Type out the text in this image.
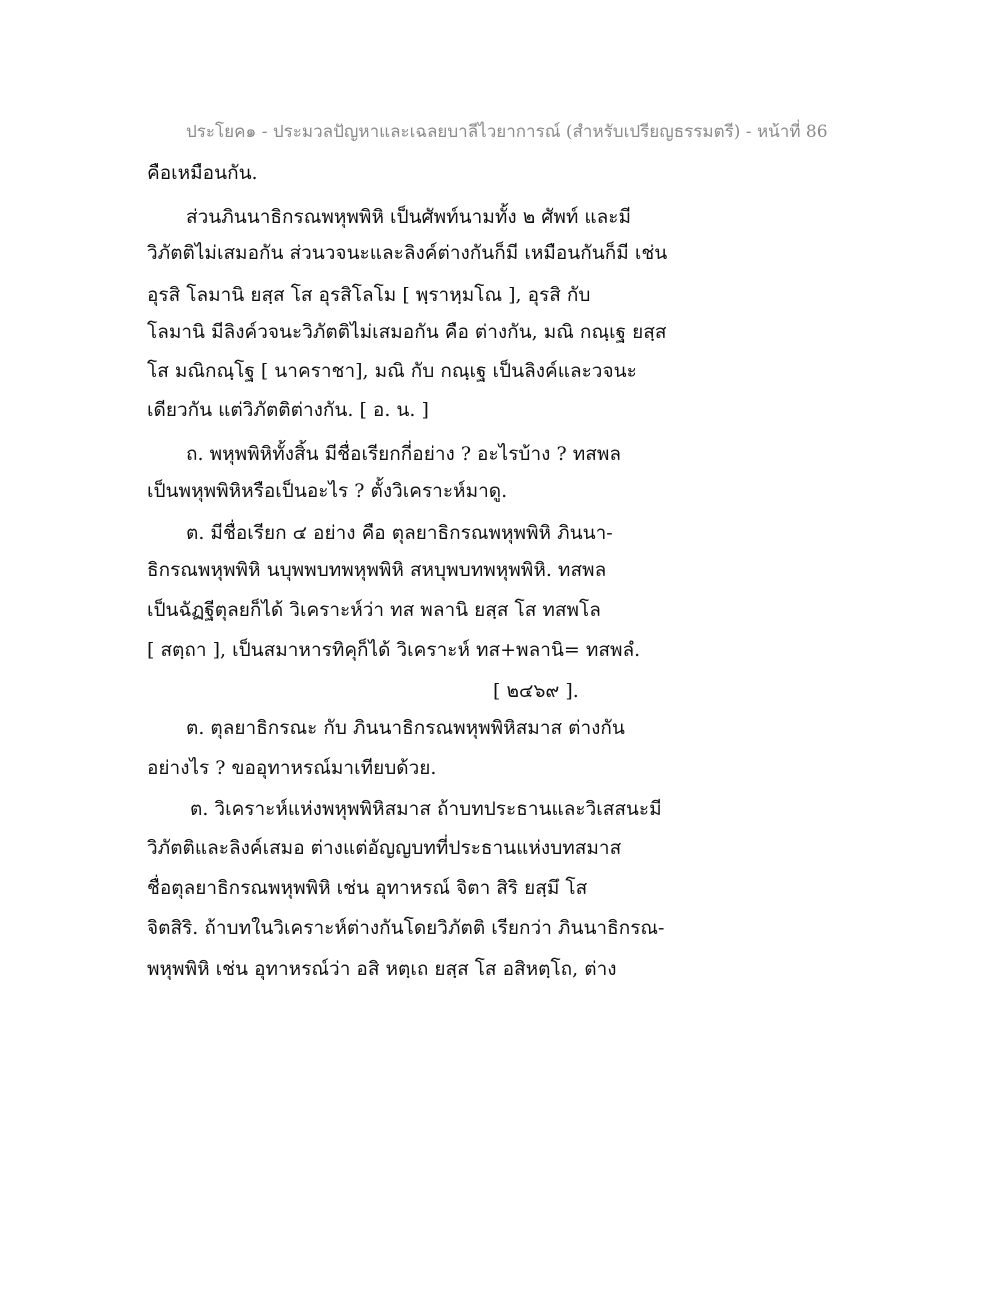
ประโยค๑ - ประมวลปัญหาและเฉลยบาลีไวยาการณ์ (สำหรับเปรียญธรรมตรี) - หน้าที่ 86
คือเหมือนกัน.
ส่วนภินนาธิกรณพหุพพิหิ เป็นศัพท์นามทั้ง ๒ ศัพท์ และมี
วิภัตติไม่เสมอกัน ส่วนวจนะและลิงค์ต่างกันก็มี เหมือนกันก็มี เช่น
อุรสิ โลมานิ ยสฺส โส อุรสิโลโม [ พฺราหฺมโณ ], อุรสิ กับ
โลมานิ มีลิงค์วจนะวิภัตติไม่เสมอกัน คือ ต่างกัน, มณิ กณฺเฐ ยสฺส
โส มณิกณฺโฐ [ นาคราชา], มณิ กับ กณฺเฐ เป็นลิงค์และวจนะ
เดียวกัน แต่วิภัตติต่างกัน. [ อ. น. ]
ถ. พหุพพิหิทั้งสิ้น มีชื่อเรียกกี่อย่าง ? อะไรบ้าง ? ทสพล
เป็นพหุพพิหิหรือเป็นอะไร ? ตั้งวิเคราะห์มาดู.
ต. มีชื่อเรียก ๔ อย่าง คือ ตุลยาธิกรณพหุพพิหิ ภินนา-
ธิกรณพหุพพิหิ นบุพพบทพหุพพิหิ สหบุพบทพหุพพิหิ. ทสพล
เป็นฉัฏฐีตุลยก็ได้ วิเคราะห์ว่า ทส พลานิ ยสฺส โส ทสพโล
[ สตฺถา ], เป็นสมาหารทิคุก็ได้ วิเคราะห์ ทส+พลานิ= ทสพลํ.
[ ๒๔๖๙ ].
ต. ตุลยาธิกรณะ กับ ภินนาธิกรณพหุพพิหิสมาส ต่างกัน
อย่างไร ? ขออุทาหรณ์มาเทียบด้วย.
ต. วิเคราะห์แห่งพหุพพิหิสมาส ถ้าบทประธานและวิเสสนะมี
วิภัตติและลิงค์เสมอ ต่างแต่อัญญบทที่ประธานแห่งบทสมาส
ชื่อตุลยาธิกรณพหุพพิหิ เช่น อุทาหรณ์ จิตา สิริ ยสฺมึ โส
จิตสิริ. ถ้าบทในวิเคราะห์ต่างกันโดยวิภัตติ เรียกว่า ภินนาธิกรณ-
พหุพพิหิ เช่น อุทาหรณ์ว่า อสิ หตฺเถ ยสฺส โส อสิหตฺโถ, ต่าง
